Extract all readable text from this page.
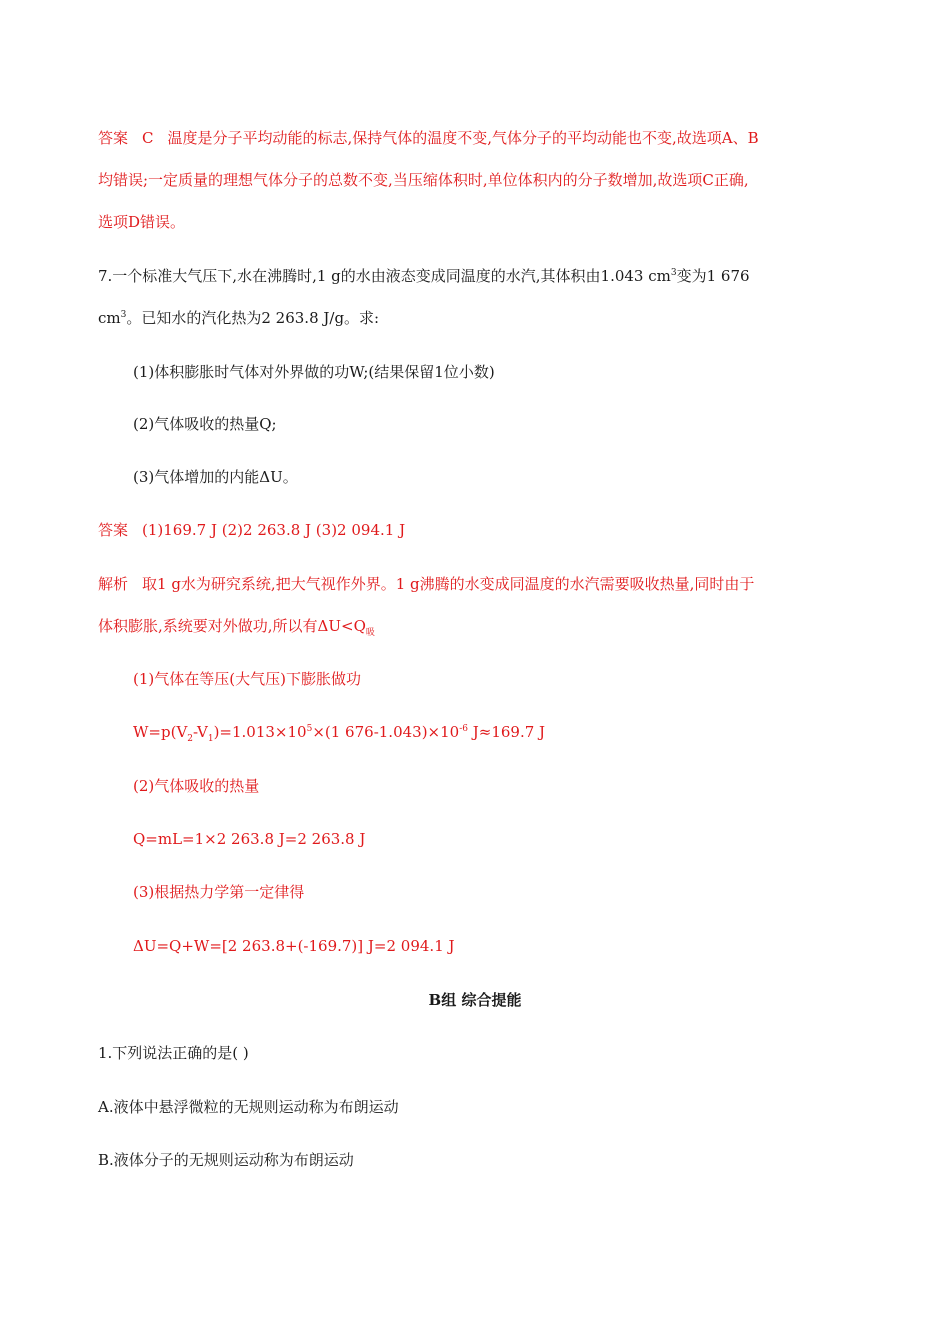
答案 C 温度是分子平均动能的标志,保持气体的温度不变,气体分子的平均动能也不变,故选项A、B
均错误;一定质量的理想气体分子的总数不变,当压缩体积时,单位体积内的分子数增加,故选项C正确,
选项D错误。
7.一个标准大气压下,水在沸腾时,1 g的水由液态变成同温度的水汽,其体积由1.043 $cm^3$变为1 676
$cm^3$。已知水的汽化热为2 263.8 J/g。求:
(1)体积膨胀时气体对外界做的功W;(结果保留1位小数)
(2)气体吸收的热量Q;
(3)气体增加的内能ΔU。
答案 (1)169.7 J (2)2 263.8 J (3)2 094.1 J
解析 取1 g水为研究系统,把大气视作外界。1 g沸腾的水变成同温度的水汽需要吸收热量,同时由于
体积膨胀,系统要对外做功,所以有$\Delta U<Q_吸$
(1)气体在等压(大气压)下膨胀做功
$W=p(V_2-V_1)=1.013\times 10^5\times(1$ $676-1.043)\times 10^{-6}$ J≈169.7 J
(2)气体吸收的热量
Q=mL=1×2 263.8 J=2 263.8 J
(3)根据热力学第一定律得
ΔU=Q+W=[2 263.8+(-169.7)] J=2 094.1 J
B组 综合提能
1.下列说法正确的是( )
A.液体中悬浮微粒的无规则运动称为布朗运动
B.液体分子的无规则运动称为布朗运动
